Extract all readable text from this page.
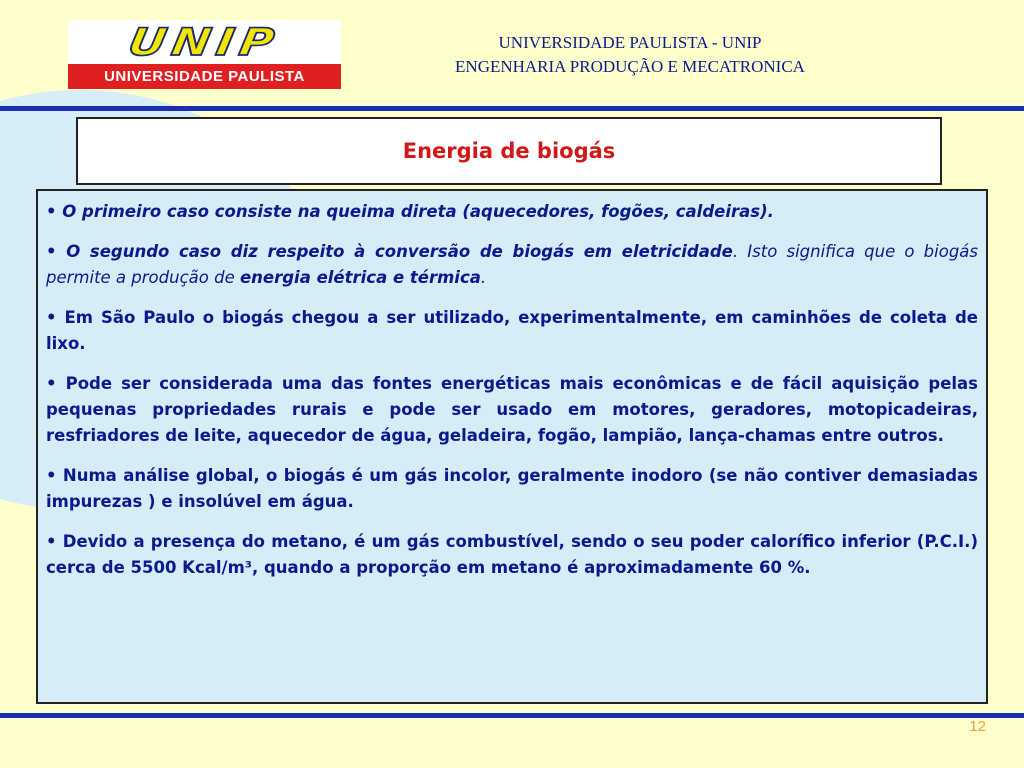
UNIP
UNIVERSIDADE PAULISTA
UNIVERSIDADE PAULISTA - UNIP
ENGENHARIA PRODUÇÃO E MECATRONICA
Energia de biogás

• O primeiro caso consiste na queima direta (aquecedores, fogões, caldeiras).

• O segundo caso diz respeito à conversão de biogás em eletricidade. Isto significa que o biogás permite a produção de energia elétrica e térmica.

• Em São Paulo o biogás chegou a ser utilizado, experimentalmente, em caminhões de coleta de lixo.

• Pode ser considerada uma das fontes energéticas mais econômicas e de fácil aquisição pelas pequenas propriedades rurais e pode ser usado em motores, geradores, motopicadeiras, resfriadores de leite, aquecedor de água, geladeira, fogão, lampião, lança-chamas entre outros.

• Numa análise global, o biogás é um gás incolor, geralmente inodoro (se não contiver demasiadas impurezas ) e insolúvel em água.

• Devido a presença do metano, é um gás combustível, sendo o seu poder calorífico inferior (P.C.I.) cerca de 5500 Kcal/m³, quando a proporção em metano é aproximadamente 60 %.

12
